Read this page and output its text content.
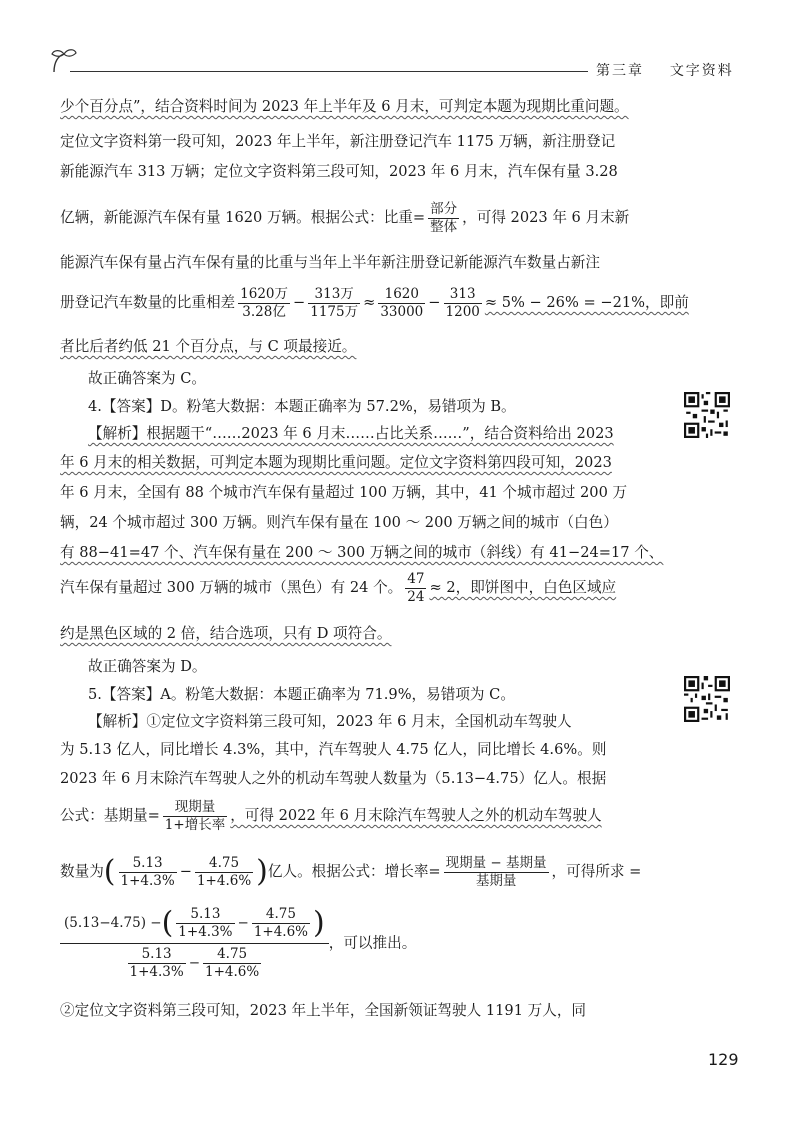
第三章 文字资料
少个百分点”，结合资料时间为 2023 年上半年及 6 月末，可判定本题为现期比重问题。
定位文字资料第一段可知，2023 年上半年，新注册登记汽车 1175 万辆，新注册登记
新能源汽车 313 万辆；定位文字资料第三段可知，2023 年 6 月末，汽车保有量 3.28
亿辆，新能源汽车保有量 1620 万辆。根据公式：比重= $\frac{\text{部分}}{\text{整体}}$ ，可得 2023 年 6 月末新
能源汽车保有量占汽车保有量的比重与当年上半年新注册登记新能源汽车数量占新注
册登记汽车数量的比重相差 $\frac{\text{1620万}}{\text{3.28亿}} - \frac{\text{313万}}{\text{1175万}} \approx \frac{1620}{33000} - \frac{313}{1200} \approx 5\% - 26\% = -21\%$，即前
者比后者约低 21 个百分点，与 C 项最接近。
故正确答案为 C。
4.【答案】D。粉笔大数据：本题正确率为 57.2%，易错项为 B。
【解析】根据题干“……2023 年 6 月末……占比关系……”，结合资料给出 2023
年 6 月末的相关数据，可判定本题为现期比重问题。定位文字资料第四段可知，2023
年 6 月末，全国有 88 个城市汽车保有量超过 100 万辆，其中，41 个城市超过 200 万
辆，24 个城市超过 300 万辆。则汽车保有量在 100 ～ 200 万辆之间的城市（白色）
有 88−41=47 个、汽车保有量在 200 ～ 300 万辆之间的城市（斜线）有 41−24=17 个、
汽车保有量超过 300 万辆的城市（黑色）有 24 个。 $\frac{47}{24} \approx 2$，即饼图中，白色区域应
约是黑色区域的 2 倍，结合选项，只有 D 项符合。
故正确答案为 D。
5.【答案】A。粉笔大数据：本题正确率为 71.9%，易错项为 C。
【解析】①定位文字资料第三段可知，2023 年 6 月末，全国机动车驾驶人
为 5.13 亿人，同比增长 4.3%，其中，汽车驾驶人 4.75 亿人，同比增长 4.6%。则
2023 年 6 月末除汽车驾驶人之外的机动车驾驶人数量为（5.13−4.75）亿人。根据
公式：基期量= $\frac{\text{现期量}}{\text{1+增长率}}$ ，可得 2022 年 6 月末除汽车驾驶人之外的机动车驾驶人
数量为( $\frac{5.13}{1+4.3\%} - \frac{4.75}{1+4.6\%}$ )亿人。根据公式：增长率= $\frac{\text{现期量 − 基期量}}{\text{基期量}}$ ，可得所求 =
$\frac{(5.13-4.75) -( \frac{5.13}{1+4.3\%} - \frac{4.75}{1+4.6\%} )}{\frac{5.13}{1+4.3\%} - \frac{4.75}{1+4.6\%}}$ ，可以推出。
②定位文字资料第三段可知，2023 年上半年，全国新领证驾驶人 1191 万人，同
129
